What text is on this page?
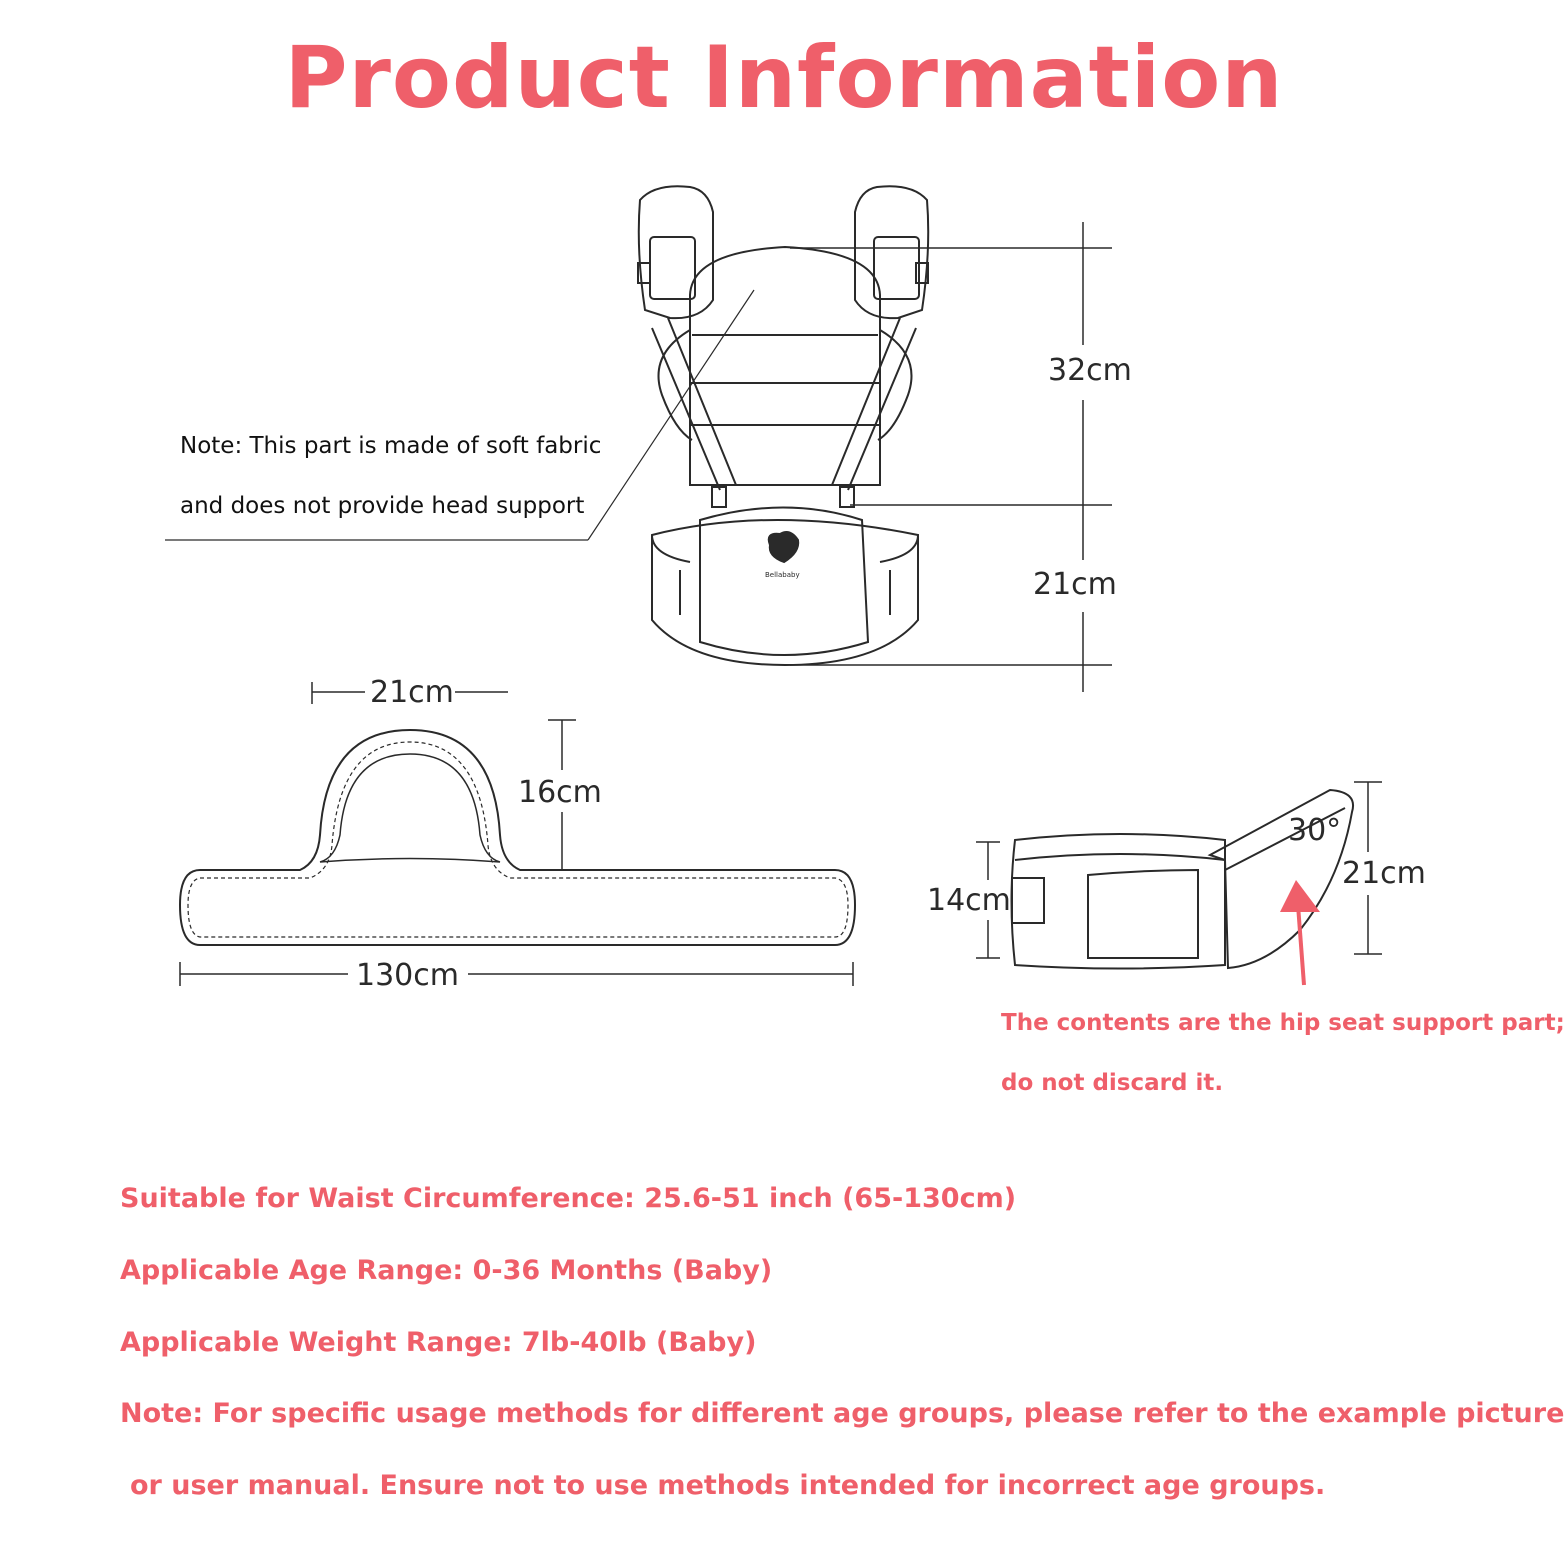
Product Information
32cm
21cm
21cm
16cm
130cm
14cm
30°
21cm
Bellababy
Note: This part is made of soft fabric
and does not provide head support
The contents are the hip seat support part;
do not discard it.
Suitable for Waist Circumference: 25.6-51 inch (65-130cm)
Applicable Age Range: 0-36 Months (Baby)
Applicable Weight Range: 7lb-40lb (Baby)
Note: For specific usage methods for different age groups, please refer to the example picture
or user manual. Ensure not to use methods intended for incorrect age groups.
